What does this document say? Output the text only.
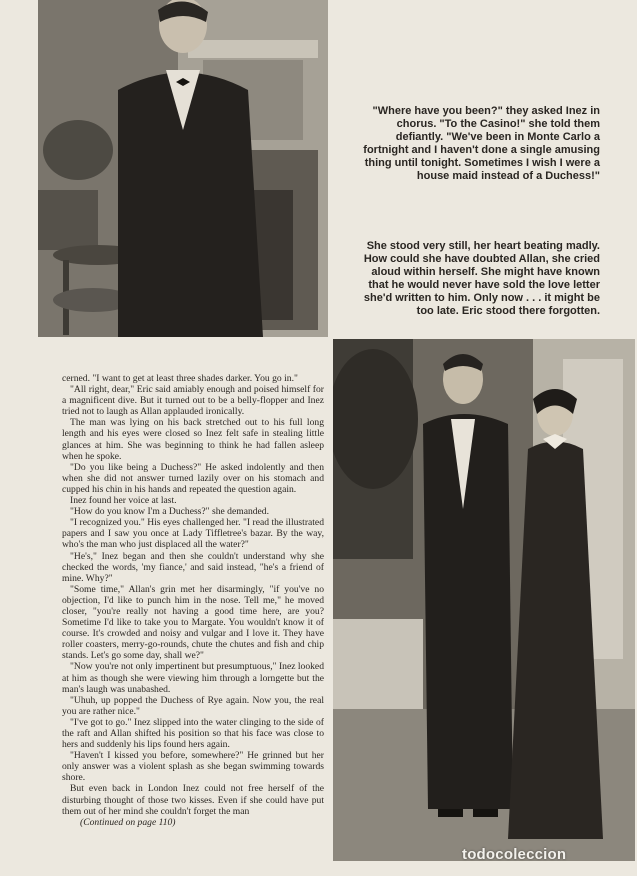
"Where have you been?" they asked Inez in chorus. "To the Casino!" she told them defiantly. "We've been in Monte Carlo a fortnight and I haven't done a single amusing thing until tonight. Sometimes I wish I were a house maid instead of a Duchess!"

She stood very still, her heart beating madly. How could she have doubted Allan, she cried aloud within herself. She might have known that he would never have sold the love letter she'd written to him. Only now . . . it might be too late. Eric stood there forgotten.

cerned. "I want to get at least three shades darker. You go in."

"All right, dear," Eric said amiably enough and poised himself for a magnificent dive. But it turned out to be a belly-flopper and Inez tried not to laugh as Allan applauded ironically.

The man was lying on his back stretched out to his full long length and his eyes were closed so Inez felt safe in stealing little glances at him. She was beginning to think he had fallen asleep when he spoke.

"Do you like being a Duchess?" He asked indolently and then when she did not answer turned lazily over on his stomach and cupped his chin in his hands and repeated the question again.

Inez found her voice at last.

"How do you know I'm a Duchess?" she demanded.

"I recognized you." His eyes challenged her. "I read the illustrated papers and I saw you once at Lady Tiffletree's bazar. By the way, who's the man who just displaced all the water?"

"He's," Inez began and then she couldn't understand why she checked the words, 'my fiance,' and said instead, "he's a friend of mine. Why?"

"Some time," Allan's grin met her disarmingly, "if you've no objection, I'd like to punch him in the nose. Tell me," he moved closer, "you're really not having a good time here, are you? Sometime I'd like to take you to Margate. You wouldn't know it of course. It's crowded and noisy and vulgar and I love it. They have roller coasters, merry-go-rounds, chute the chutes and fish and chip stands. Let's go some day, shall we?"

"Now you're not only impertinent but presumptuous," Inez looked at him as though she were viewing him through a lorngette but the man's laugh was unabashed.

"Uhuh, up popped the Duchess of Rye again. Now you, the real you are rather nice."

"I've got to go." Inez slipped into the water clinging to the side of the raft and Allan shifted his position so that his face was close to hers and suddenly his lips found hers again.

"Haven't I kissed you before, somewhere?" He grinned but her only answer was a violent splash as she began swimming towards shore.

But even back in London Inez could not free herself of the disturbing thought of those two kisses. Even if she could have put them out of her mind she couldn't forget the man

(Continued on page 110)

todocoleccion
